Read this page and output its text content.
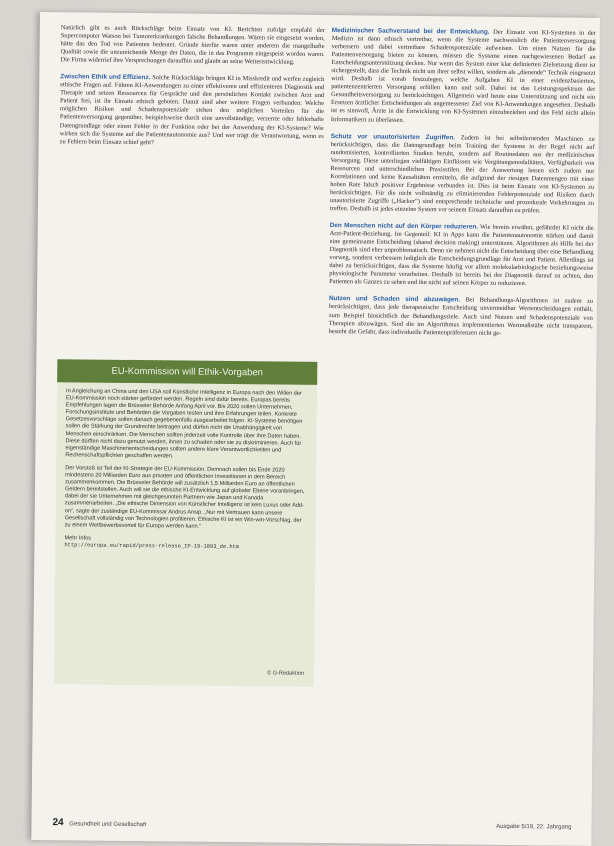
Natürlich gibt es auch Rückschläge beim Einsatz von KI. Berichten zufolge empfahl der Supercomputer Watson bei Tumorerkrankungen falsche Behandlungen. Wären sie eingesetzt worden, hätte das den Tod von Patienten bedeutet. Gründe hierfür waren unter anderem die mangelhafte Qualität sowie die unzureichende Menge der Daten, die in das Programm eingespeist worden waren. Die Firma widerrief ihre Versprechungen daraufhin und glaubt an seine Weiterentwicklung.

Zwischen Ethik und Effizienz. Solche Rückschläge bringen KI in Misskredit und werfen zugleich ethische Fragen auf. Führen KI-Anwendungen zu einer effektiveren und effizienteren Diagnostik und Therapie und setzen Ressourcen für Gespräche und den persönlichen Kontakt zwischen Arzt und Patient frei, ist ihr Einsatz ethisch geboten. Damit sind aber weitere Fragen verbunden: Welche möglichen Risiken und Schadenspotenziale stehen den möglichen Vorteilen für die Patientenversorgung gegenüber, beispielsweise durch eine unvollständige, verzerrte oder fehlerhafte Datengrundlage oder einen Fehler in der Funktion oder bei der Anwendung der KI-Systeme? Wie wirken sich die Systeme auf die Patientenautonomie aus? Und wer trägt die Verantwortung, wenn es zu Fehlern beim Einsatz schief geht?

EU-Kommission will Ethik-Vorgaben

In Angleichung an China und den USA soll Künstliche Intelligenz in Europa nach den Willen der EU-Kommission noch stärker gefördert werden. Regeln sind dafür bereits. Europas bereits Empfehlungen lagen die Brüsseler Behörde Anfang April vor. Bis 2020 sollen Unternehmen, Forschungsinstitute und Behörden die Vorgaben testen und ihre Erfahrungen teilen. Konkrete Gesetzesvorschläge sollen danach gegebenenfalls ausgearbeitet folgen. KI-Systeme benötigen sollen die Stärkung der Grundrechte beitragen und dürfen nicht die Unabhängigkeit von Menschen einschränken. Die Menschen sollten jederzeit volle Kontrolle über ihre Daten haben. Diese dürften nicht dazu genutzt werden, ihnen zu schaden oder sie zu diskriminieren. Auch für eigenständige Maschinenentscheidungen sollten andere klare Verantwortlichkeiten und Rechenschaftspflichten geschaffen werden.

Der Vorstoß ist Teil der KI-Strategie der EU-Kommission. Demnach sollen bis Ende 2020 mindestens 20 Milliarden Euro aus privaten und öffentlichen Investitionen in dem Bereich zusammenkommen. Die Brüsseler Behörde will zusätzlich 1,5 Milliarden Euro an öffentlichen Geldern bereitstellen. Auch will sie die ethische KI-Entwicklung auf globaler Ebene voranbringen, dabei der sie Unternehmen mit gleichgesinnten Partnern wie Japan und Kanada zusammenarbeiten. „Die ethische Dimension von Künstlicher Intelligenz ist kein Luxus oder Add-on“, sagte der zuständige EU-Kommissar Andrus Ansip. „Nur mit Vertrauen kann unsere Gesellschaft vollständig von Technologien profitieren. Ethische KI ist ein Win-win-Vorschlag, der zu einem Wettbewerbsvorteil für Europa werden kann.“

Mehr Infos
http://europa.eu/rapid/press-release_IP-19-1893_de.htm
© G-Redaktion

Medizinischer Sachverstand bei der Entwicklung. Der Einsatz von KI-Systemen in der Medizin ist dann ethisch vertretbar, wenn die Systeme nachweislich die Patientenversorgung verbessern und dabei vertretbare Schadenspotenziale aufweisen. Um einen Nutzen für die Patientenversorgung bieten zu können, müssen die Systeme einen nachgewiesenen Bedarf an Entscheidungsunterstützung decken. Nur wenn das System einer klar definierten Zielsetzung dient ist sichergestellt, dass die Technik nicht um ihrer selbst willen, sondern als „dienende“ Technik eingesetzt wird. Deshalb ist vorab festzulegen, welche Aufgaben KI in einer evidenzbasierten, patientenzentrierten Versorgung erfüllen kann und soll. Dabei ist das Leistungsspektrum der Gesundheitsversorgung zu berücksichtigen. Allgemein wird heute eine Unterstützung und nicht ein Ersetzen ärztlicher Entscheidungen als angemessener Ziel von KI-Anwendungen angesehen. Deshalb ist es sinnvoll, Ärzte in die Entwicklung von KI-Systemen einzubeziehen und das Feld nicht allein Informatikern zu überlassen.

Schutz vor unautorisierten Zugriffen. Zudem ist bei selbstlernenden Maschinen zu berücksichtigen, dass die Datengrundlage beim Training der Systeme in der Regel nicht auf randomisierten, kontrollierten Studien beruht, sondern auf Routinedaten aus der medizinischen Versorgung. Diese unterliegen vielfältigen Einflüssen wie Vergütungsmodalitäten, Verfügbarkeit von Ressourcen und unterschiedlichen Praxisstilen. Bei der Auswertung lassen sich zudem nur Korrelationen und keine Kausalitäten ermitteln, die aufgrund der riesigen Datenmengen mit einer hohen Rate falsch positiver Ergebnisse verbunden ist. Dies ist beim Einsatz von KI-Systemen zu berücksichtigen. Für die nicht vollständig zu eliminierenden Fehlerpotenziale und Risiken durch unautorisierte Zugriffe („Hacker“) sind entsprechende technische und prozedurale Vorkehrungen zu treffen. Deshalb ist jedes einzelne System vor seinem Einsatz daraufhin zu prüfen.

Den Menschen nicht auf den Körper reduzieren. Wie bereits erwähnt, gefährdet KI nicht die Arzt-Patient-Beziehung. Im Gegenteil: KI in Apps kann die Patientenautonomie stärken und damit eine gemeinsame Entscheidung (shared decision making) unterstützen. Algorithmen als Hilfe bei der Diagnostik sind eher unproblematisch. Denn sie nehmen nicht die Entscheidung über eine Behandlung vorweg, sondern verbessern lediglich die Entscheidungsgrundlage für Arzt und Patient. Allerdings ist dabei zu berücksichtigen, dass die Systeme häufig vor allem molekularbiologische beziehungsweise physiologische Parameter verarbeiten. Deshalb ist bereits bei der Diagnostik darauf zu achten, den Patienten als Ganzes zu sehen und ihn nicht auf seinen Körper zu reduzieren.

Nutzen und Schaden sind abzuwägen. Bei Behandlungs-Algorithmen ist zudem zu berücksichtigen, dass jede therapeutische Entscheidung unvermeidbar Wertentscheidungen enthält, zum Beispiel hinsichtlich der Behandlungsziele. Auch sind Nutzen und Schadenspotenziale von Therapien abzuwägen. Sind die im Algorithmus implementierten Wertmaßstäbe nicht transparent, besteht die Gefahr, dass individuelle Patientenpräferenzen nicht ge-

24 Gesundheit und Gesellschaft	Ausgabe 5/19, 22. Jahrgang
